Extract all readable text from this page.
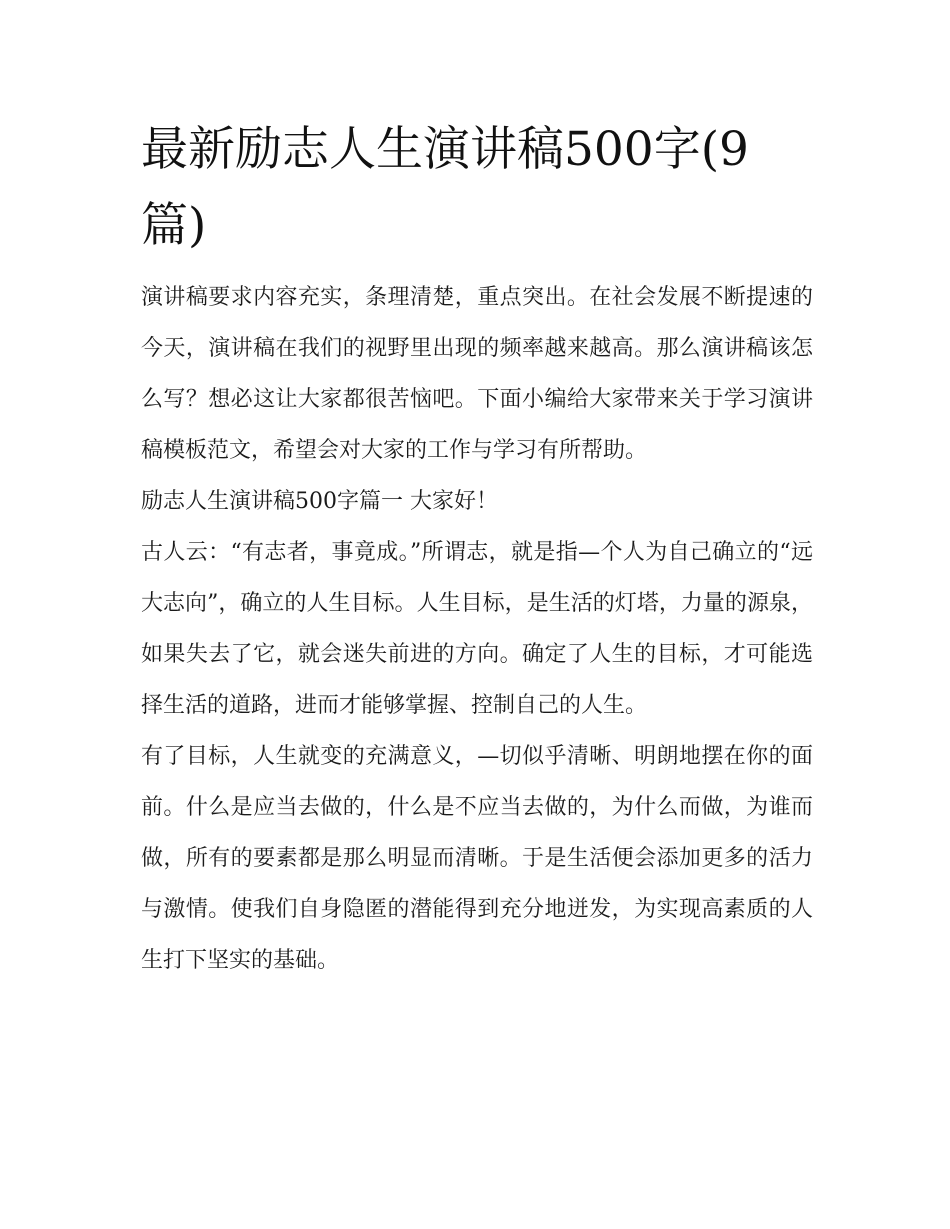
最新励志人生演讲稿500字(9篇)

演讲稿要求内容充实，条理清楚，重点突出。在社会发展不断提速的今天，演讲稿在我们的视野里出现的频率越来越高。那么演讲稿该怎么写？想必这让大家都很苦恼吧。下面小编给大家带来关于学习演讲稿模板范文，希望会对大家的工作与学习有所帮助。

励志人生演讲稿500字篇一 大家好！

古人云：“有志者，事竟成。”所谓志，就是指—个人为自己确立的“远大志向”，确立的人生目标。人生目标，是生活的灯塔，力量的源泉，如果失去了它，就会迷失前进的方向。确定了人生的目标，才可能选择生活的道路，进而才能够掌握、控制自己的人生。

有了目标，人生就变的充满意义，—切似乎清晰、明朗地摆在你的面前。什么是应当去做的，什么是不应当去做的，为什么而做，为谁而做，所有的要素都是那么明显而清晰。于是生活便会添加更多的活力与激情。使我们自身隐匿的潜能得到充分地迸发，为实现高素质的人生打下坚实的基础。
